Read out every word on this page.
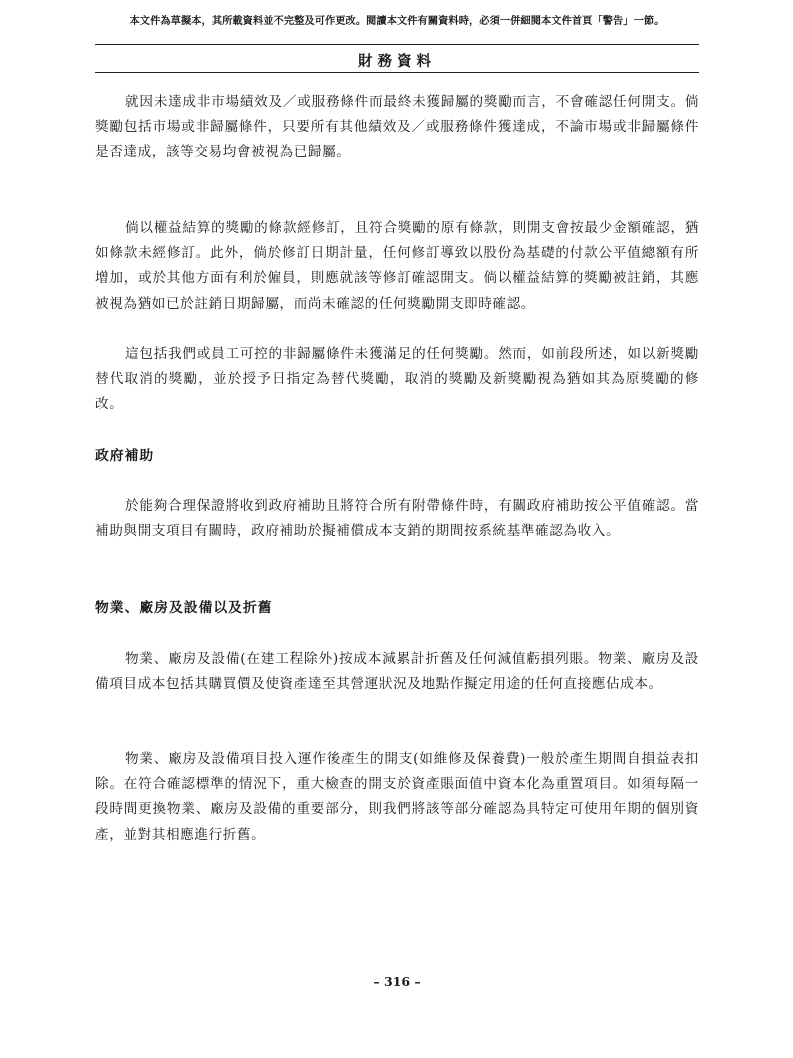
本文件為草擬本，其所載資料並不完整及可作更改。閱讀本文件有關資料時，必須一併細閱本文件首頁「警告」一節。
財務資料

就因未達成非市場績效及／或服務條件而最終未獲歸屬的獎勵而言，不會確認任何開支。倘獎勵包括市場或非歸屬條件，只要所有其他績效及／或服務條件獲達成，不論市場或非歸屬條件是否達成，該等交易均會被視為已歸屬。

倘以權益結算的獎勵的條款經修訂，且符合獎勵的原有條款，則開支會按最少金額確認，猶如條款未經修訂。此外，倘於修訂日期計量，任何修訂導致以股份為基礎的付款公平值總額有所增加，或於其他方面有利於僱員，則應就該等修訂確認開支。倘以權益結算的獎勵被註銷，其應被視為猶如已於註銷日期歸屬，而尚未確認的任何獎勵開支即時確認。

這包括我們或員工可控的非歸屬條件未獲滿足的任何獎勵。然而，如前段所述，如以新獎勵替代取消的獎勵，並於授予日指定為替代獎勵，取消的獎勵及新獎勵視為猶如其為原獎勵的修改。

政府補助

於能夠合理保證將收到政府補助且將符合所有附帶條件時，有關政府補助按公平值確認。當補助與開支項目有關時，政府補助於擬補償成本支銷的期間按系統基準確認為收入。

物業、廠房及設備以及折舊

物業、廠房及設備(在建工程除外)按成本減累計折舊及任何減值虧損列賬。物業、廠房及設備項目成本包括其購買價及使資產達至其營運狀況及地點作擬定用途的任何直接應佔成本。

物業、廠房及設備項目投入運作後產生的開支(如維修及保養費)一般於產生期間自損益表扣除。在符合確認標準的情況下，重大檢查的開支於資產賬面值中資本化為重置項目。如須每隔一段時間更換物業、廠房及設備的重要部分，則我們將該等部分確認為具特定可使用年期的個別資產，並對其相應進行折舊。

– 316 –
